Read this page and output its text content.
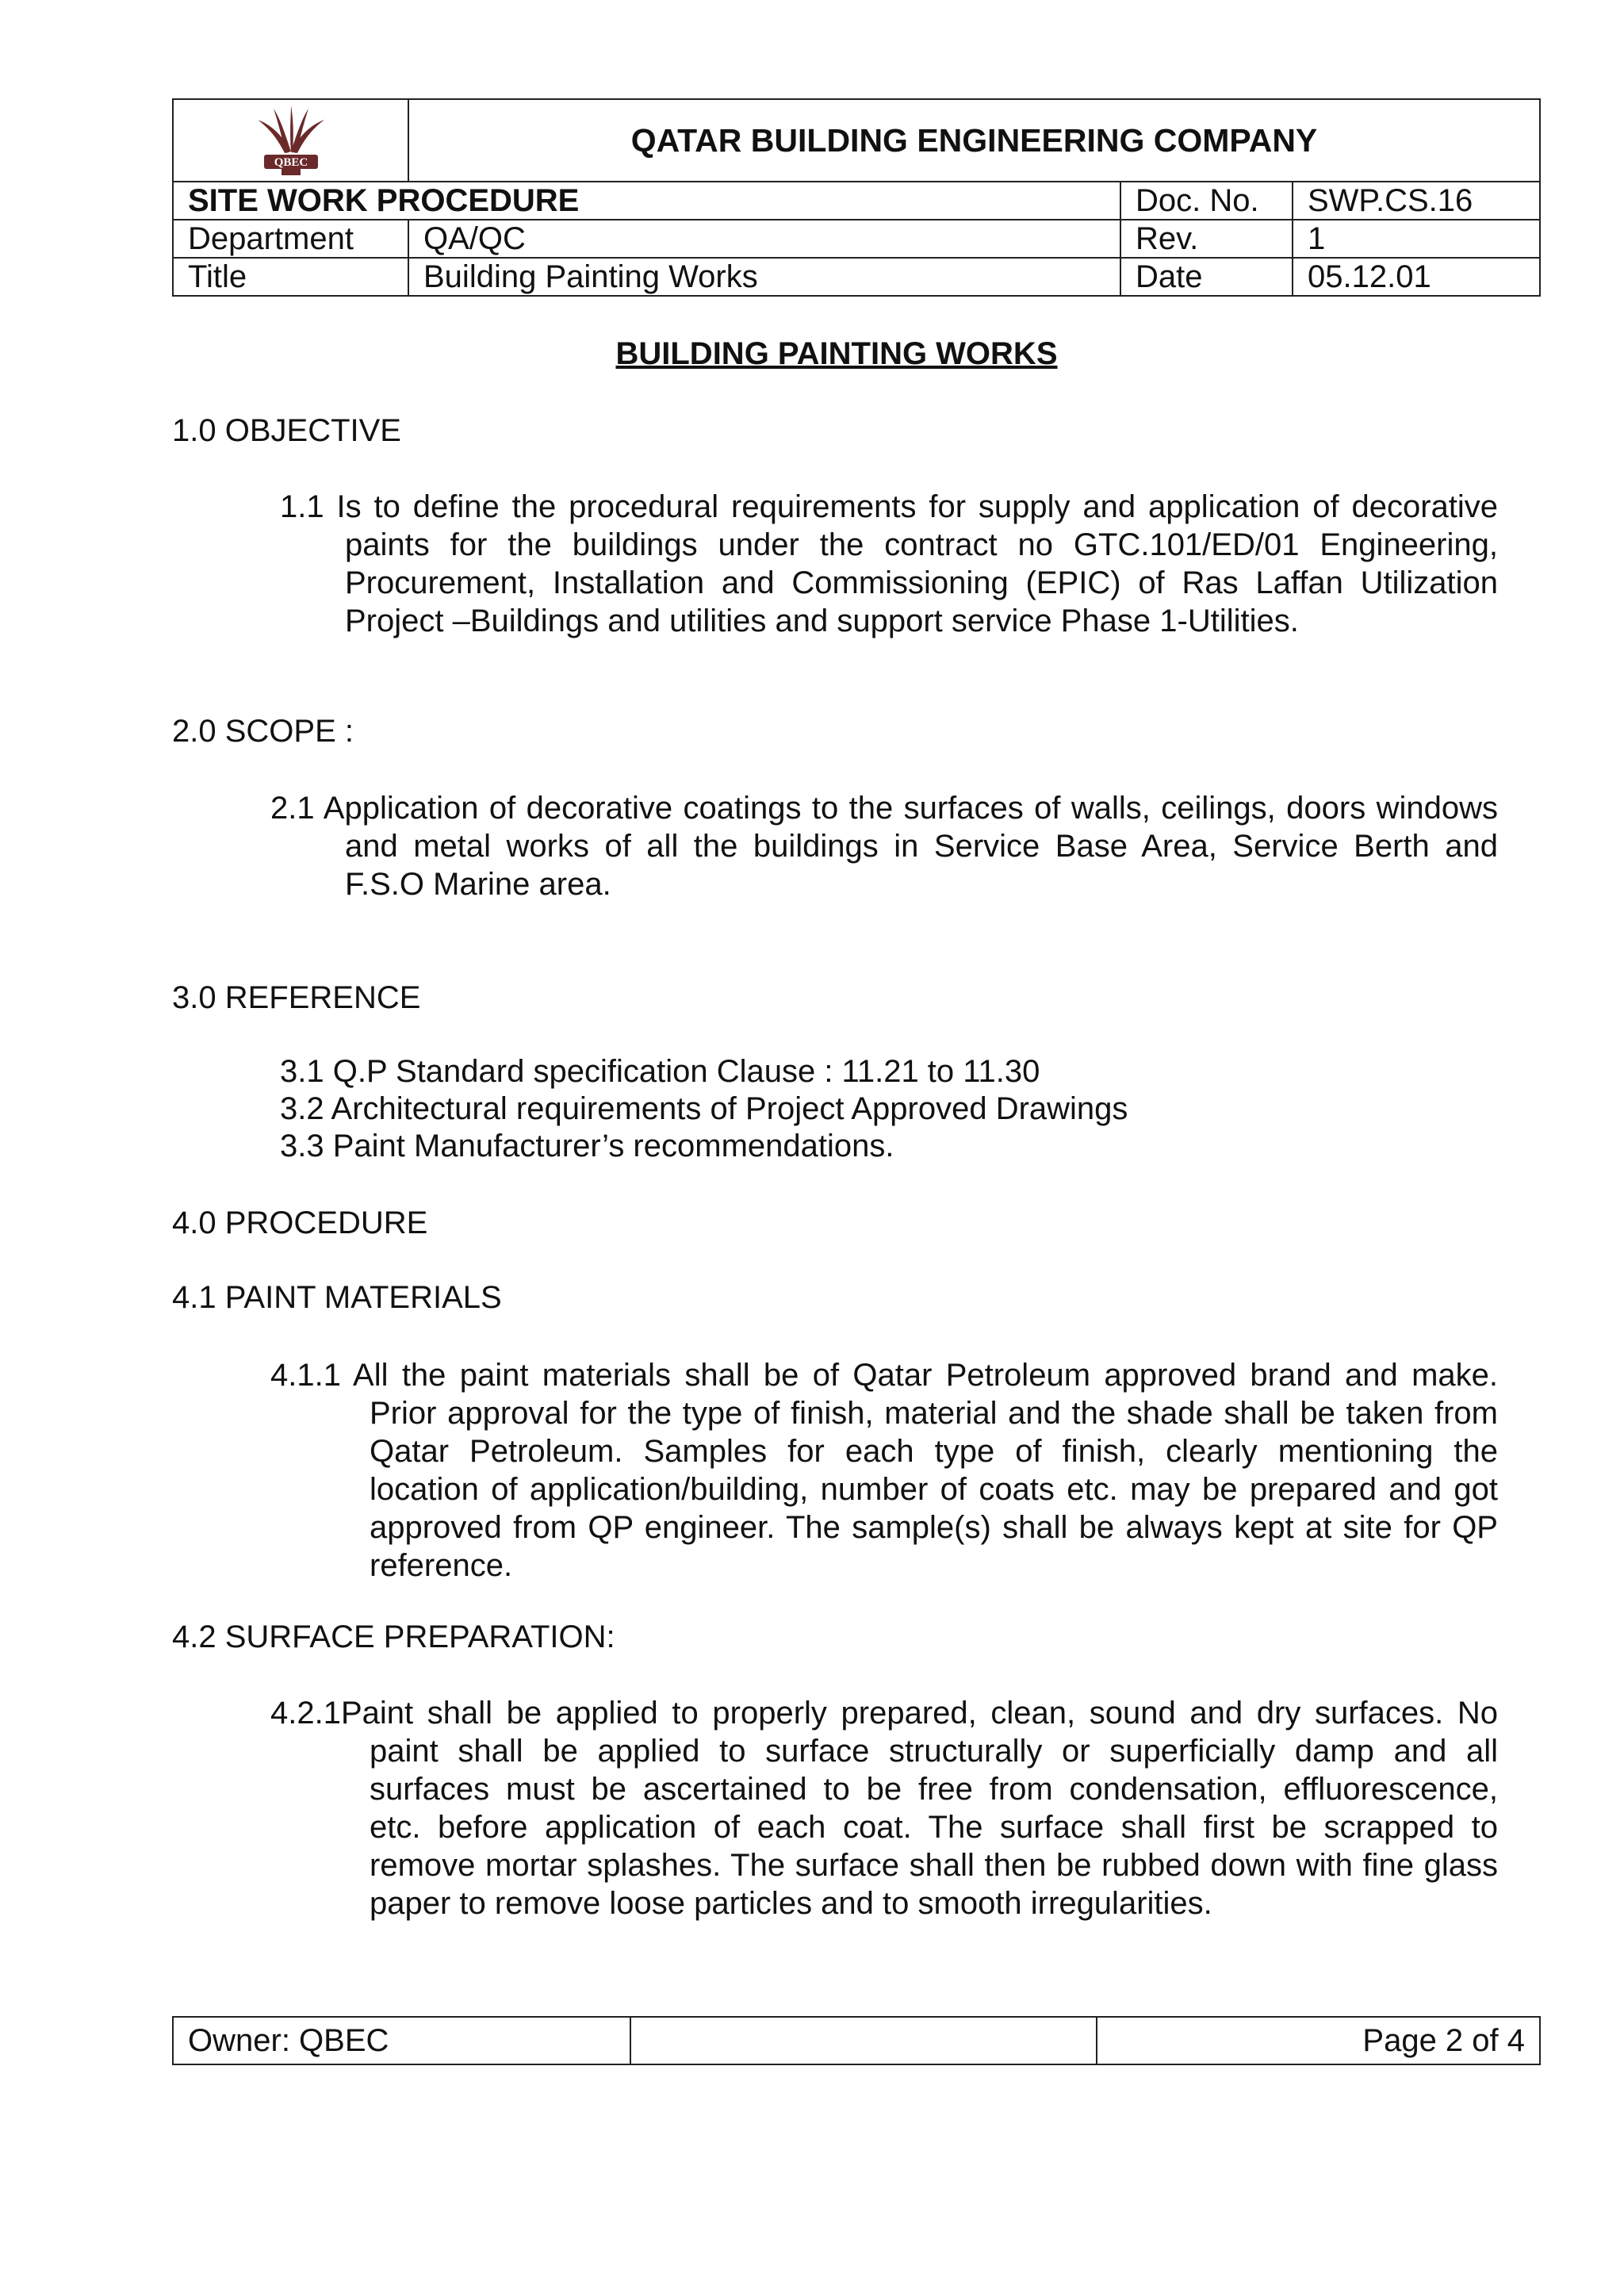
QBEC	QATAR BUILDING ENGINEERING COMPANY		
SITE WORK PROCEDURE		Doc. No.	SWP.CS.16
Department	QA/QC	Rev.	1
Title	Building Painting Works	Date	05.12.01
BUILDING PAINTING WORKS
1.0 OBJECTIVE
1.1 Is to define the procedural requirements for supply and application of decorative
paints for the buildings under the contract no GTC.101/ED/01 Engineering,
Procurement, Installation and Commissioning (EPIC) of Ras Laffan Utilization
Project –Buildings and utilities and support service Phase 1-Utilities.
2.0 SCOPE :
2.1 Application of decorative coatings to the surfaces of walls, ceilings, doors windows
and metal works of all the buildings in Service Base Area, Service Berth and
F.S.O Marine area.
3.0 REFERENCE
3.1 Q.P Standard specification Clause : 11.21 to 11.30
3.2 Architectural requirements of Project Approved Drawings
3.3 Paint Manufacturer’s recommendations.
4.0 PROCEDURE
4.1 PAINT MATERIALS
4.1.1 All the paint materials shall be of Qatar Petroleum approved brand and make.
Prior approval for the type of finish, material and the shade shall be taken from
Qatar Petroleum. Samples for each type of finish, clearly mentioning the
location of application/building, number of coats etc. may be prepared and got
approved from QP engineer. The sample(s) shall be always kept at site for QP
reference.
4.2 SURFACE PREPARATION:
4.2.1Paint shall be applied to properly prepared, clean, sound and dry surfaces. No
paint shall be applied to surface structurally or superficially damp and all
surfaces must be ascertained to be free from condensation, effluorescence,
etc. before application of each coat. The surface shall first be scrapped to
remove mortar splashes. The surface shall then be rubbed down with fine glass
paper to remove loose particles and to smooth irregularities.
Owner: QBEC		Page 2 of 4
